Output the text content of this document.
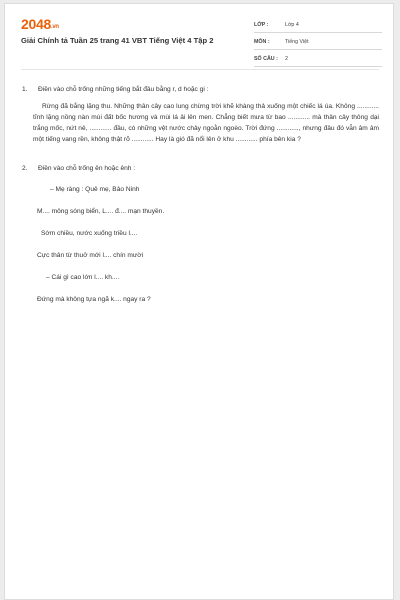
2048.vn
Giải Chính tả Tuần 25 trang 41 VBT Tiếng Việt 4 Tập 2
LỚP :	Lớp 4
MÔN :	Tiếng Việt
SỐ CÂU :	2
1.	Điền vào chỗ trống những tiếng bắt đầu bằng r, d hoặc gi :
Rừng đã bắng lặng thu. Những thân cây cao lung chừng trời khẽ khàng thả xuống một chiếc lá úa. Không ............ tĩnh lặng nồng nàn mùi đất bốc hương và mùi lá ải lên men. Chẳng biết mưa từ bao ............ mà thân cây thông dại trắng mốc, nứt nẻ, ............ đầu, có những vệt nước chảy ngoằn ngoèo. Trời đứng ............, nhưng đâu đó vẫn âm âm một tiếng vang rền, không thật rõ ............ Hay là gió đã nổi lên ở khu ............ phía bên kia ?
2.	Điền vào chỗ trống ên hoặc ênh :
– Mẹ ràng : Quê mẹ, Bảo Ninh
M.... mông sóng biển, L.... đ.... mạn thuyền.
Sớm chiều, nước xuống triều l....
Cực thân từ thuở mới l.... chín mười
– Cái gì cao lớn l.... kh....
Đứng mà không tựa ngã k.... ngay ra ?
